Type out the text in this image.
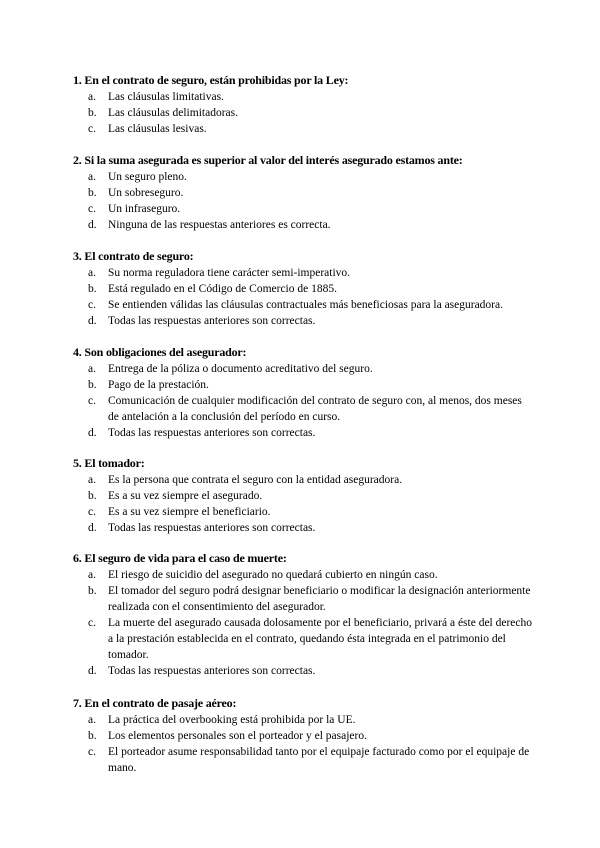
1. En el contrato de seguro, están prohibidas por la Ley:

a. Las cláusulas limitativas.
b. Las cláusulas delimitadoras.
c. Las cláusulas lesivas.

2. Si la suma asegurada es superior al valor del interés asegurado estamos ante:

a. Un seguro pleno.
b. Un sobreseguro.
c. Un infraseguro.
d. Ninguna de las respuestas anteriores es correcta.

3. El contrato de seguro:

a. Su norma reguladora tiene carácter semi-imperativo.
b. Está regulado en el Código de Comercio de 1885.
c. Se entienden válidas las cláusulas contractuales más beneficiosas para la aseguradora.
d. Todas las respuestas anteriores son correctas.

4. Son obligaciones del asegurador:

a. Entrega de la póliza o documento acreditativo del seguro.
b. Pago de la prestación.
c. Comunicación de cualquier modificación del contrato de seguro con, al menos, dos meses de antelación a la conclusión del período en curso.
d. Todas las respuestas anteriores son correctas.

5. El tomador:

a. Es la persona que contrata el seguro con la entidad aseguradora.
b. Es a su vez siempre el asegurado.
c. Es a su vez siempre el beneficiario.
d. Todas las respuestas anteriores son correctas.

6. El seguro de vida para el caso de muerte:

a. El riesgo de suicidio del asegurado no quedará cubierto en ningún caso.
b. El tomador del seguro podrá designar beneficiario o modificar la designación anteriormente realizada con el consentimiento del asegurador.
c. La muerte del asegurado causada dolosamente por el beneficiario, privará a éste del derecho a la prestación establecida en el contrato, quedando ésta integrada en el patrimonio del tomador.
d. Todas las respuestas anteriores son correctas.

7. En el contrato de pasaje aéreo:

a. La práctica del overbooking está prohibida por la UE.
b. Los elementos personales son el porteador y el pasajero.
c. El porteador asume responsabilidad tanto por el equipaje facturado como por el equipaje de mano.
